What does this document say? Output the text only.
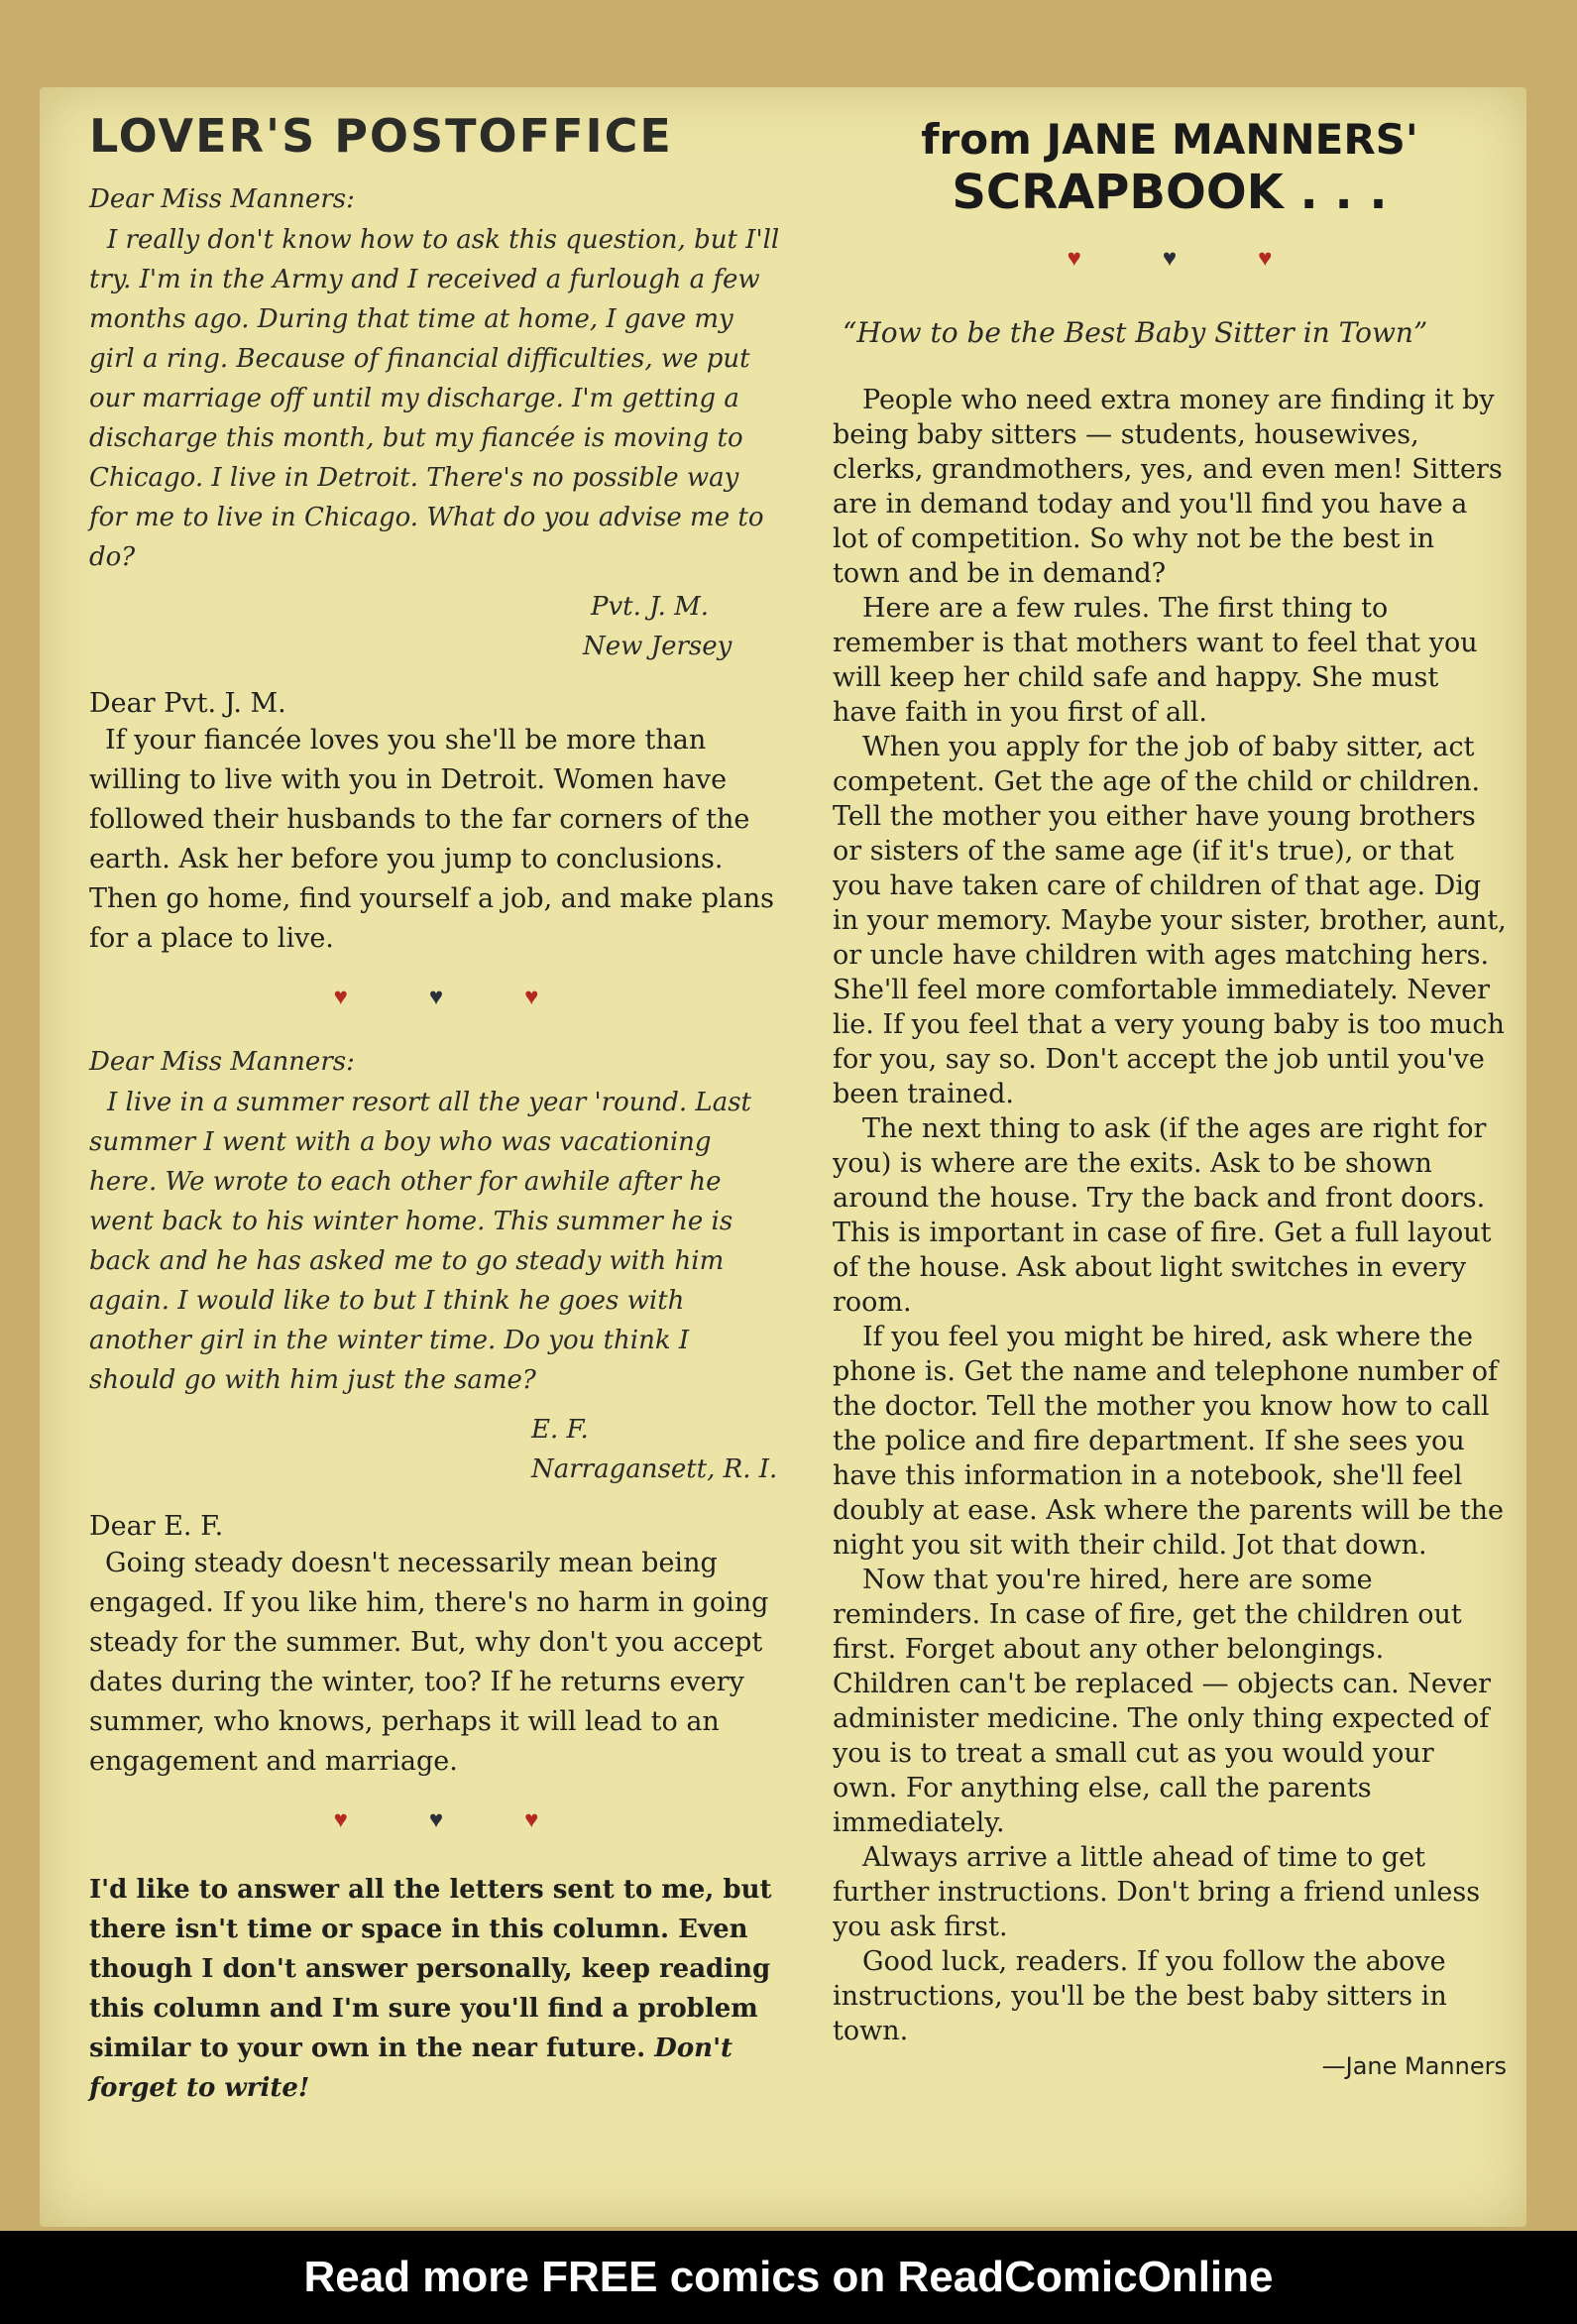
LOVER'S POSTOFFICE
Dear Miss Manners:

I really don't know how to ask this question, but I'll try. I'm in the Army and I received a furlough a few months ago. During that time at home, I gave my girl a ring. Because of financial difficulties, we put our marriage off until my discharge. I'm getting a discharge this month, but my fiancée is moving to Chicago. I live in Detroit. There's no possible way for me to live in Chicago. What do you advise me to do?

Pvt. J. M.
New Jersey
Dear Pvt. J. M.

If your fiancée loves you she'll be more than willing to live with you in Detroit. Women have followed their husbands to the far corners of the earth. Ask her before you jump to conclusions. Then go home, find yourself a job, and make plans for a place to live.

♥	♥	♥
Dear Miss Manners:

I live in a summer resort all the year 'round. Last summer I went with a boy who was vacationing here. We wrote to each other for awhile after he went back to his winter home. This summer he is back and he has asked me to go steady with him again. I would like to but I think he goes with another girl in the winter time. Do you think I should go with him just the same?

E. F.
Narragansett, R. I.
Dear E. F.

Going steady doesn't necessarily mean being engaged. If you like him, there's no harm in going steady for the summer. But, why don't you accept dates during the winter, too? If he returns every summer, who knows, perhaps it will lead to an engagement and marriage.

♥	♥	♥

I'd like to answer all the letters sent to me, but there isn't time or space in this column. Even though I don't answer personally, keep reading this column and I'm sure you'll find a problem similar to your own in the near future. Don't forget to write!

from JANE MANNERS'
SCRAPBOOK . . .
♥	♥	♥
“How to be the Best Baby Sitter in Town”

People who need extra money are finding it by being baby sitters — students, housewives, clerks, grandmothers, yes, and even men! Sitters are in demand today and you'll find you have a lot of competition. So why not be the best in town and be in demand?

Here are a few rules. The first thing to remember is that mothers want to feel that you will keep her child safe and happy. She must have faith in you first of all.

When you apply for the job of baby sitter, act competent. Get the age of the child or children. Tell the mother you either have young brothers or sisters of the same age (if it's true), or that you have taken care of children of that age. Dig in your memory. Maybe your sister, brother, aunt, or uncle have children with ages matching hers. She'll feel more comfortable immediately. Never lie. If you feel that a very young baby is too much for you, say so. Don't accept the job until you've been trained.

The next thing to ask (if the ages are right for you) is where are the exits. Ask to be shown around the house. Try the back and front doors. This is important in case of fire. Get a full layout of the house. Ask about light switches in every room.

If you feel you might be hired, ask where the phone is. Get the name and telephone number of the doctor. Tell the mother you know how to call the police and fire department. If she sees you have this information in a notebook, she'll feel doubly at ease. Ask where the parents will be the night you sit with their child. Jot that down.

Now that you're hired, here are some reminders. In case of fire, get the children out first. Forget about any other belongings. Children can't be replaced — objects can. Never administer medicine. The only thing expected of you is to treat a small cut as you would your own. For anything else, call the parents immediately.

Always arrive a little ahead of time to get further instructions. Don't bring a friend unless you ask first.

Good luck, readers. If you follow the above instructions, you'll be the best baby sitters in town.

—Jane Manners
Read more FREE comics on ReadComicOnline
